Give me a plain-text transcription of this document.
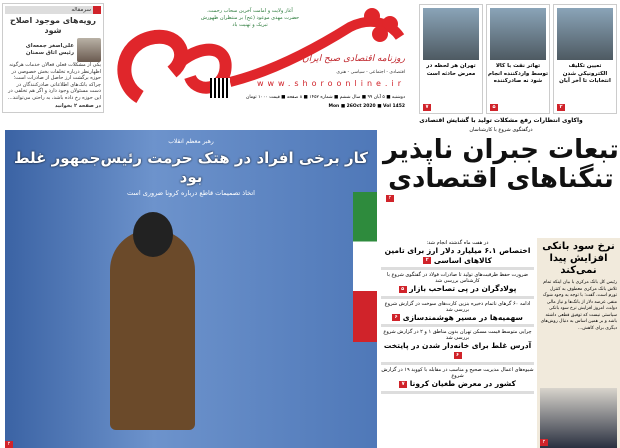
سرمقاله
رویه‌های موجود اصلاح شود
علی‌اصغر جمعه‌ای
رئیس اتاق سمنان

یکی از مشکلات فعلی فعالان خدمات هرگونه اظهارنظر درباره تخلفات بخش خصوصی در حوزه برگشت ارز حاصل از صادرات است؛ چراکه بانک‌های اطلاعاتی صادرکنندگان در دست مسئولان وجود دارد و اگر هم تخلفی در این حوزه رخ داده باشد، به راحتی می‌توانند...

در صفحه ۲ بخوانید
آغاز ولایت و امامت آخرین سحاب رحمت، حضرت مهدی موعود (عج) بر منتظران ظهورش تبریک و تهنیت باد
روزنامه اقتصادی صبح ایران
اقتصادی - اجتماعی - سیاسی - هنری
www.shoroonline.ir
دوشنبه ■ ۵ آبان ۹۹ ■ سال ششم ■ شماره ۱۴۵۲ ■ ۸ صفحه ■ قیمت ۱۰۰۰ تومان
Mon ■ 26Oct 2020 ■ Vol 1452
تعیین تکلیف الکترونیکی شدن انتخابات تا آخر آبان
۲
تهاتر نفت با کالا توسط واردکننده انجام شود نه صادرکننده
۵
تهران هر لحظه در معرض حادثه است
۷
رهبر معظم انقلاب
کار برخی افراد در هتک حرمت رئیس‌جمهور غلط بود
اتخاذ تصمیمات قاطع درباره کرونا ضروری است
۲
واکاوی انتظارات رفع مشکلات تولید با گشایش اقتصادی
درگفتگوی شروع با کارشناسان
تبعات جبران ناپذیر تنگناهای اقتصادی
۲
در هفت ماه گذشته انجام شد:
اختصاص ۶.۱ میلیارد دلار ارز برای تامین کالاهای اساسی ۲
ضرورت حفظ ظرفیت‌های تولید تا صادرات فولاد در گفتگوی شروع با کارشناس بررسی شد
پولادگران در پی تصاحب بازار ۵
ادامه ۶۰ گرهای ناتمام ذخیره بنزین کارت‌های سوخت در گزارش شروع بررسی شد
سهمیه‌ها در مسیر هوشمندسازی ۶
چرایی متوسط قیمت مسکن تهران بدون مناطق ۱ و ۲ در گزارش شروع بررسی شد
آدرس غلط برای خانه‌دار شدن در پایتخت ۶
شیوه‌های اعمال مدیریت صحیح و مناسب در مقابله با کووید ۱۹ در گزارش شروع
کشور در معرض طغیان کرونا ۷
نرخ سود بانکی افزایش پیدا نمی‌کند

رئیس کل بانک مرکزی با بیان اینکه تمام تلاش بانک مرکزی معطوف به کنترل تورم است، گفت: با توجه به وجود شوک منفی عرضه دلار از بانک‌ها و نیاز مالی دولت، امروز افزایش نرخ سود بانکی سیاستی نیست که توفیق قطعی داشته باشد و بر همین اساس به دنبال روش‌های دیگری برای کاهش...

۲
